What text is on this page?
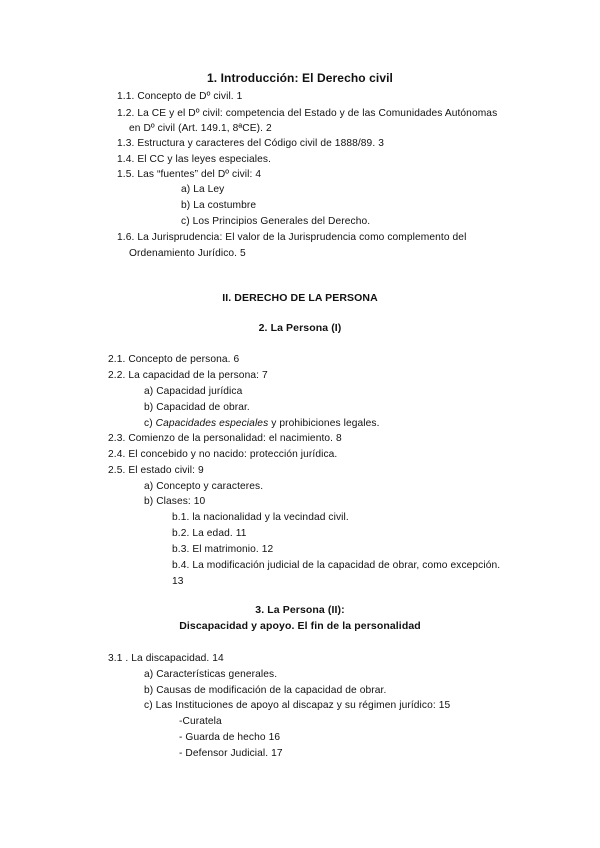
1. Introducción: El Derecho civil
1.1. Concepto de Dº civil. 1
1.2. La CE y el Dº civil: competencia del Estado y de las Comunidades Autónomas
en Dº civil (Art. 149.1, 8ªCE). 2
1.3. Estructura y caracteres del Código civil de 1888/89. 3
1.4. El CC y las leyes especiales.
1.5. Las “fuentes” del Dº civil: 4
a) La Ley
b) La costumbre
c) Los Principios Generales del Derecho.
1.6. La Jurisprudencia: El valor de la Jurisprudencia como complemento del
Ordenamiento Jurídico. 5
II. DERECHO DE LA PERSONA
2. La Persona (I)
2.1. Concepto de persona. 6
2.2. La capacidad de la persona: 7
a) Capacidad jurídica
b) Capacidad de obrar.
c) Capacidades especiales y prohibiciones legales.
2.3. Comienzo de la personalidad: el nacimiento. 8
2.4. El concebido y no nacido: protección jurídica.
2.5. El estado civil: 9
a) Concepto y caracteres.
b) Clases: 10
b.1. la nacionalidad y la vecindad civil.
b.2. La edad. 11
b.3. El matrimonio. 12
b.4. La modificación judicial de la capacidad de obrar, como excepción.
13
3. La Persona (II):
Discapacidad y apoyo. El fin de la personalidad
3.1 . La discapacidad. 14
a) Características generales.
b) Causas de modificación de la capacidad de obrar.
c) Las Instituciones de apoyo al discapaz y su régimen jurídico: 15
-Curatela
- Guarda de hecho 16
- Defensor Judicial. 17
